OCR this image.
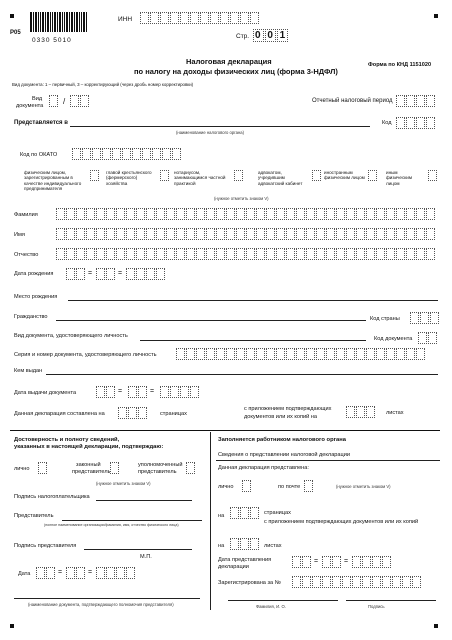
Р05
0330 5010
ИНН
Стр. 0 0 1
Налоговая декларация
по налогу на доходы физических лиц (форма 3-НДФЛ)
Форма по КНД 1151020
Вид документа: 1 – первичный, 3 – корректирующий (через дробь номер корректировки)
Вид
документа /	Отчетный налоговый период
Представляется в
(наименование налогового органа)
Код
Код по ОКАТО
физическим лицом, зарегистрированным в качестве индивидуального предпринимателя
главой крестьянского (фермерского) хозяйства
нотариусом, занимающимся частной практикой
адвокатом, учредившим адвокатский кабинет
иностранным физическим лицом
иным физическим лицом
(нужное отметить знаком V)
Фамилия
Имя
Отчество
Дата рождения	=	=
Место рождения
Гражданство	Код страны
Вид документа, удостоверяющего личность	Код документа
Серия и номер документа, удостоверяющего личность
Кем выдан
Дата выдачи документа	=	=
Данная декларация составлена на	страницах
с приложением подтверждающих
документов или их копий на
листах
Достоверность и полноту сведений,
указанных в настоящей декларации, подтверждаю:
лично
законный
представитель
уполномоченный
представитель
(нужное отметить знаком V)
Подпись налогоплательщика
Представитель
(полное наименование организации/фамилия, имя, отчество физического лица)
Подпись представителя
М.П.
Дата	=	=
(наименование документа, подтверждающего полномочия представителя)
Заполняется работником налогового органа
Сведения о представлении налоговой декларации
Данная декларация представлена:
лично	по почте	(нужное отметить знаком V)
на	страницах
с приложением подтверждающих документов или их копий
на	листах
Дата представления
декларации
=	=
Зарегистрирована за №
Фамилия, И. О.	Подпись
